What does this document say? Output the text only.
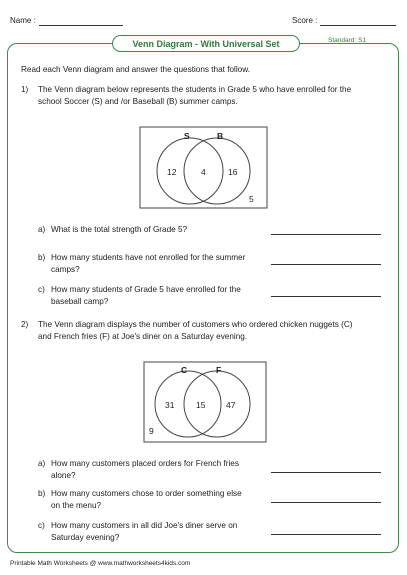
Name :	Score :
Venn Diagram - With Universal Set	Standard: S1
Read each Venn diagram and answer the questions that follow.
1) The Venn diagram below represents the students in Grade 5 who have enrolled for the
school Soccer (S) and /or Baseball (B) summer camps.
S	B
12	4	16
5
C	F
31	15 47
9
a) What is the total strength of Grade 5?
b) How many students have not enrolled for the summer
camps?
c) How many students of Grade 5 have enrolled for the
baseball camp?
2) The Venn diagram displays the number of customers who ordered chicken nuggets (C)
and French fries (F) at Joe's diner on a Saturday evening.
a) How many customers placed orders for French fries
alone?
b) How many customers chose to order something else
on the menu?
c) How many customers in all did Joe's diner serve on
Saturday evening?
Printable Math Worksheets @ www.mathworksheets4kids.com
